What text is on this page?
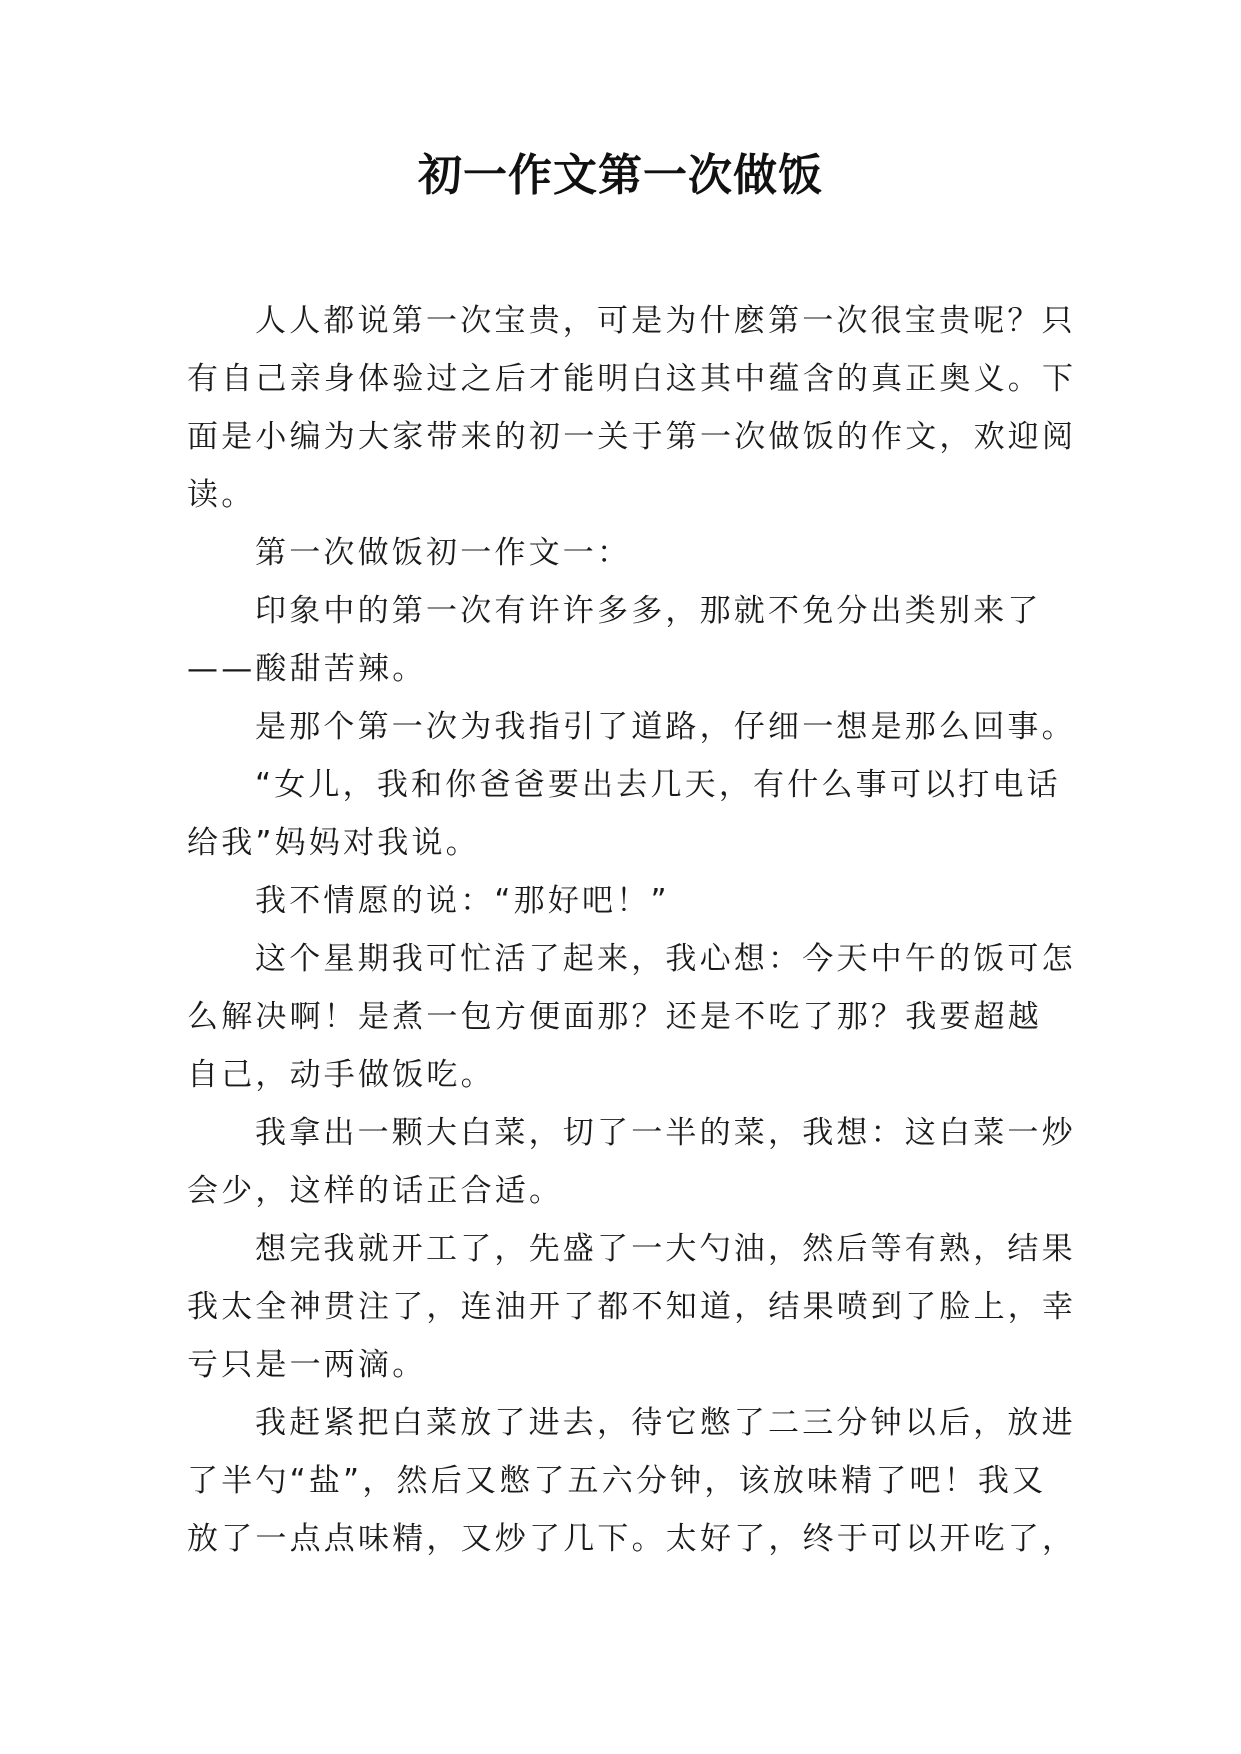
初一作文第一次做饭
人人都说第一次宝贵，可是为什麽第一次很宝贵呢？只
有自己亲身体验过之后才能明白这其中蕴含的真正奥义。下
面是小编为大家带来的初一关于第一次做饭的作文，欢迎阅
读。
第一次做饭初一作文一：
印象中的第一次有许许多多，那就不免分出类别来了
——酸甜苦辣。
是那个第一次为我指引了道路，仔细一想是那么回事。
“女儿，我和你爸爸要出去几天，有什么事可以打电话
给我”妈妈对我说。
我不情愿的说：“那好吧！”
这个星期我可忙活了起来，我心想：今天中午的饭可怎
么解决啊！是煮一包方便面那？还是不吃了那？我要超越
自己，动手做饭吃。
我拿出一颗大白菜，切了一半的菜，我想：这白菜一炒
会少，这样的话正合适。
想完我就开工了，先盛了一大勺油，然后等有熟，结果
我太全神贯注了，连油开了都不知道，结果喷到了脸上，幸
亏只是一两滴。
我赶紧把白菜放了进去，待它憋了二三分钟以后，放进
了半勺“盐”，然后又憋了五六分钟，该放味精了吧！我又
放了一点点味精，又炒了几下。太好了，终于可以开吃了，
